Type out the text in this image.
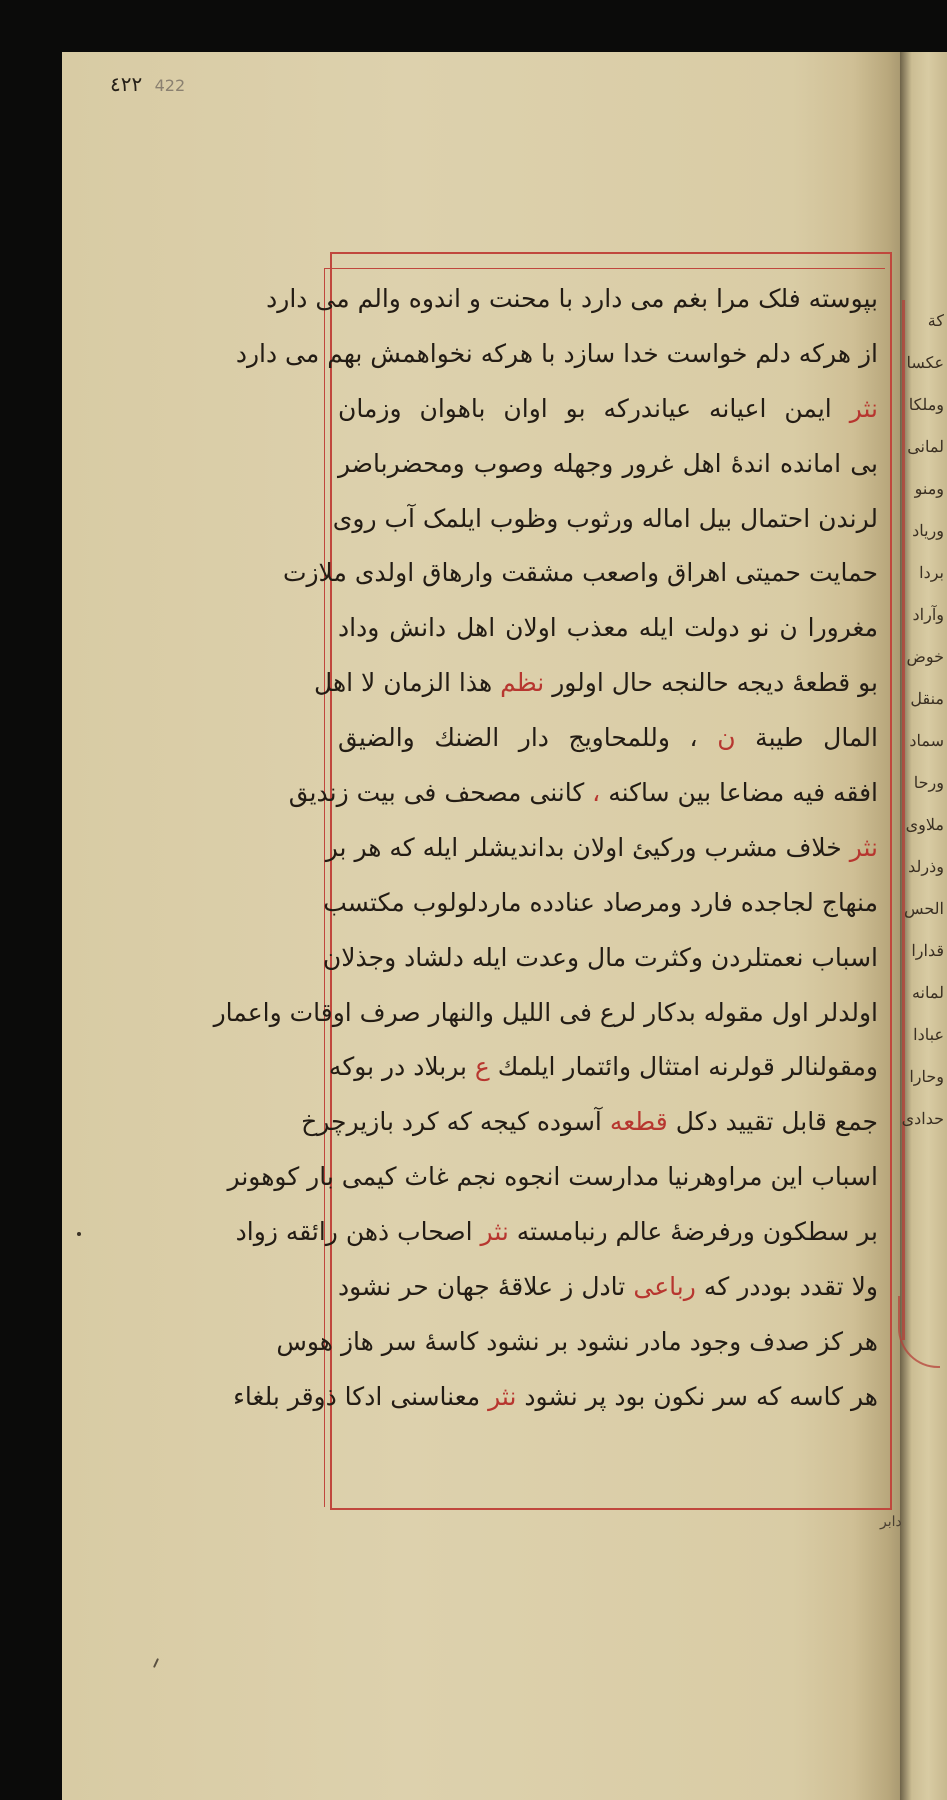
کة
عکسا
وملکا
لمانی
ومنو
وریاد
بردا
وآراد
خوض
منقل
سماد
ورحا
ملاوی
وذرلد
الحس
قدارا
لمانه
عبادا
وحارا
حدادی
٤٢٢ 422
بپوسته فلک مرا بغم می دارد با محنت و اندوه والم می دارد
از هرکه دلم خواست خدا سازد با هرکه نخواهمش بهم می دارد
نثر ایمن اعیانه عیاندرکه بو اوان باهوان وزمان
بی امانده اندۀ اهل غرور وجهله وصوب ومحضرباضر
لرندن احتمال بیل اماله ورثوب وظوب ایلمک آب روی
حمایت حمیتی اهراق واصعب مشقت وارهاق اولدی ملازت
مغرورا ن نو دولت ایله معذب اولان اهل دانش وداد
بو قطعۀ دیجه حالنجه حال اولور نظم هذا الزمان لا اهل
المال طیبة ن ، وللمحاویج دار الضنك والضیق
افقه فیه مضاعا بین ساکنه ، کاننی مصحف فی بیت زندیق
نثر خلاف مشرب ورکیئ اولان بدانديشلر ايله که هر بر
منهاج لجاجده فارد ومرصاد عنادده ماردلولوب مکتسب
اسباب نعمتلردن وکثرت مال وعدت ایله دلشاد وجذلان
اولدلر اول مقوله بدکار لرع فی اللیل والنهار صرف اوقات واعمار
ومقولنالر قولرنه امتثال وائتمار ايلمك ع بربلاد در بوکه
جمع قابل تقیید دکل قطعه آسوده کیجه که کرد بازیرچرخ
اسباب این مراوهرنیا مدارست انجوه نجم غاث کیمی بار کوهونر
بر سطکون ورفرضۀ عالم رنبامسته نثر اصحاب ذهن رائقه زواد
ولا تقدد بوددر که رباعی تادل ز علاقۀ جهان حر نشود
هر کز صدف وجود مادر نشود بر نشود کاسۀ سر هاز هوس
هر کاسه که سر نکون بود پر نشود نثر معناسنی ادکا ذوقر بلغاء
دابر
